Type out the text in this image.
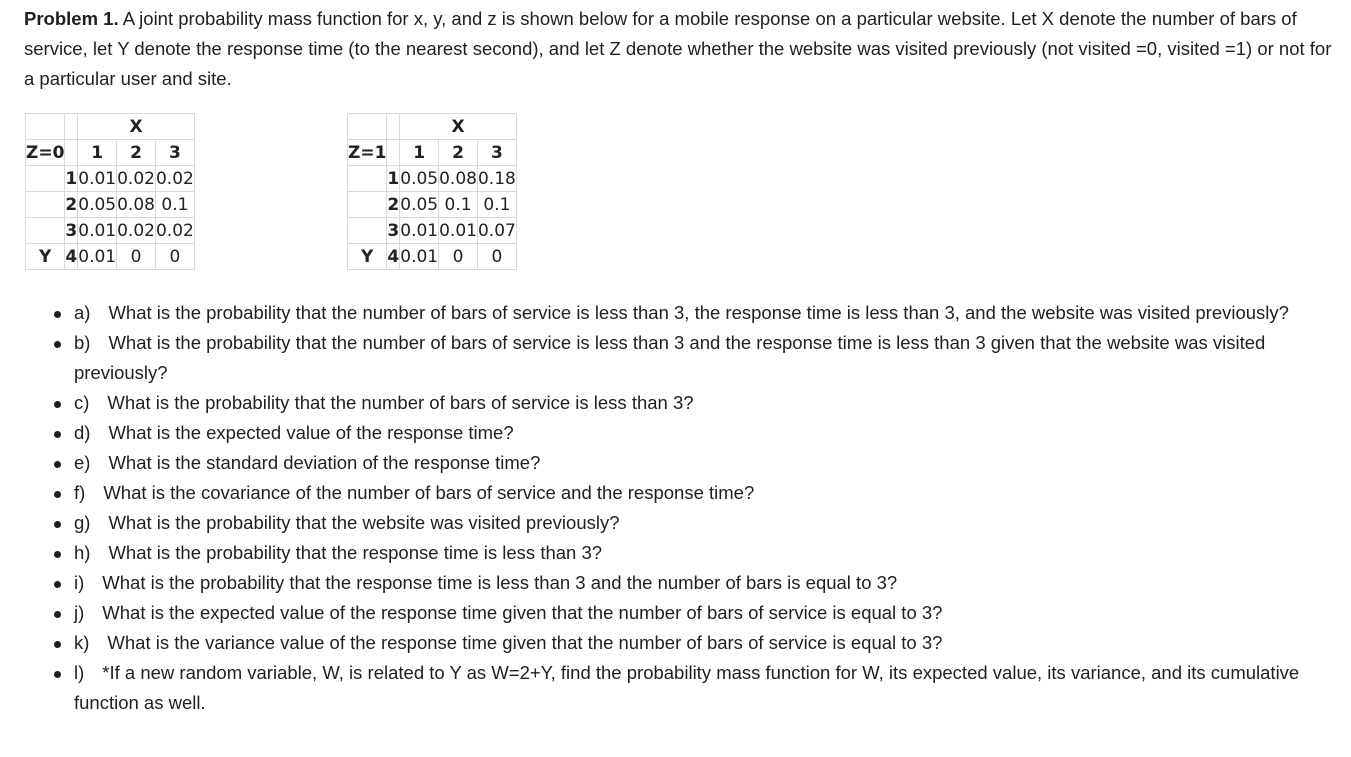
Problem 1. A joint probability mass function for x, y, and z is shown below for a mobile response on a particular website. Let X denote the number of bars of service, let Y denote the response time (to the nearest second), and let Z denote whether the website was visited previously (not visited =0, visited =1) or not for a particular user and site.
		X		
Z=0		1	2	3
	1	0.01	0.02	0.02
	2	0.05	0.08	0.1
	3	0.01	0.02	0.02
Y	4	0.01	0	0
		X		
Z=1		1	2	3
	1	0.05	0.08	0.18
	2	0.05	0.1	0.1
	3	0.01	0.01	0.07
Y	4	0.01	0	0
a) What is the probability that the number of bars of service is less than 3, the response time is less than 3, and the website was visited previously?
b) What is the probability that the number of bars of service is less than 3 and the response time is less than 3 given that the website was visited previously?
c) What is the probability that the number of bars of service is less than 3?
d) What is the expected value of the response time?
e) What is the standard deviation of the response time?
f) What is the covariance of the number of bars of service and the response time?
g) What is the probability that the website was visited previously?
h) What is the probability that the response time is less than 3?
i) What is the probability that the response time is less than 3 and the number of bars is equal to 3?
j) What is the expected value of the response time given that the number of bars of service is equal to 3?
k) What is the variance value of the response time given that the number of bars of service is equal to 3?
l) *If a new random variable, W, is related to Y as W=2+Y, find the probability mass function for W, its expected value, its variance, and its cumulative function as well.
